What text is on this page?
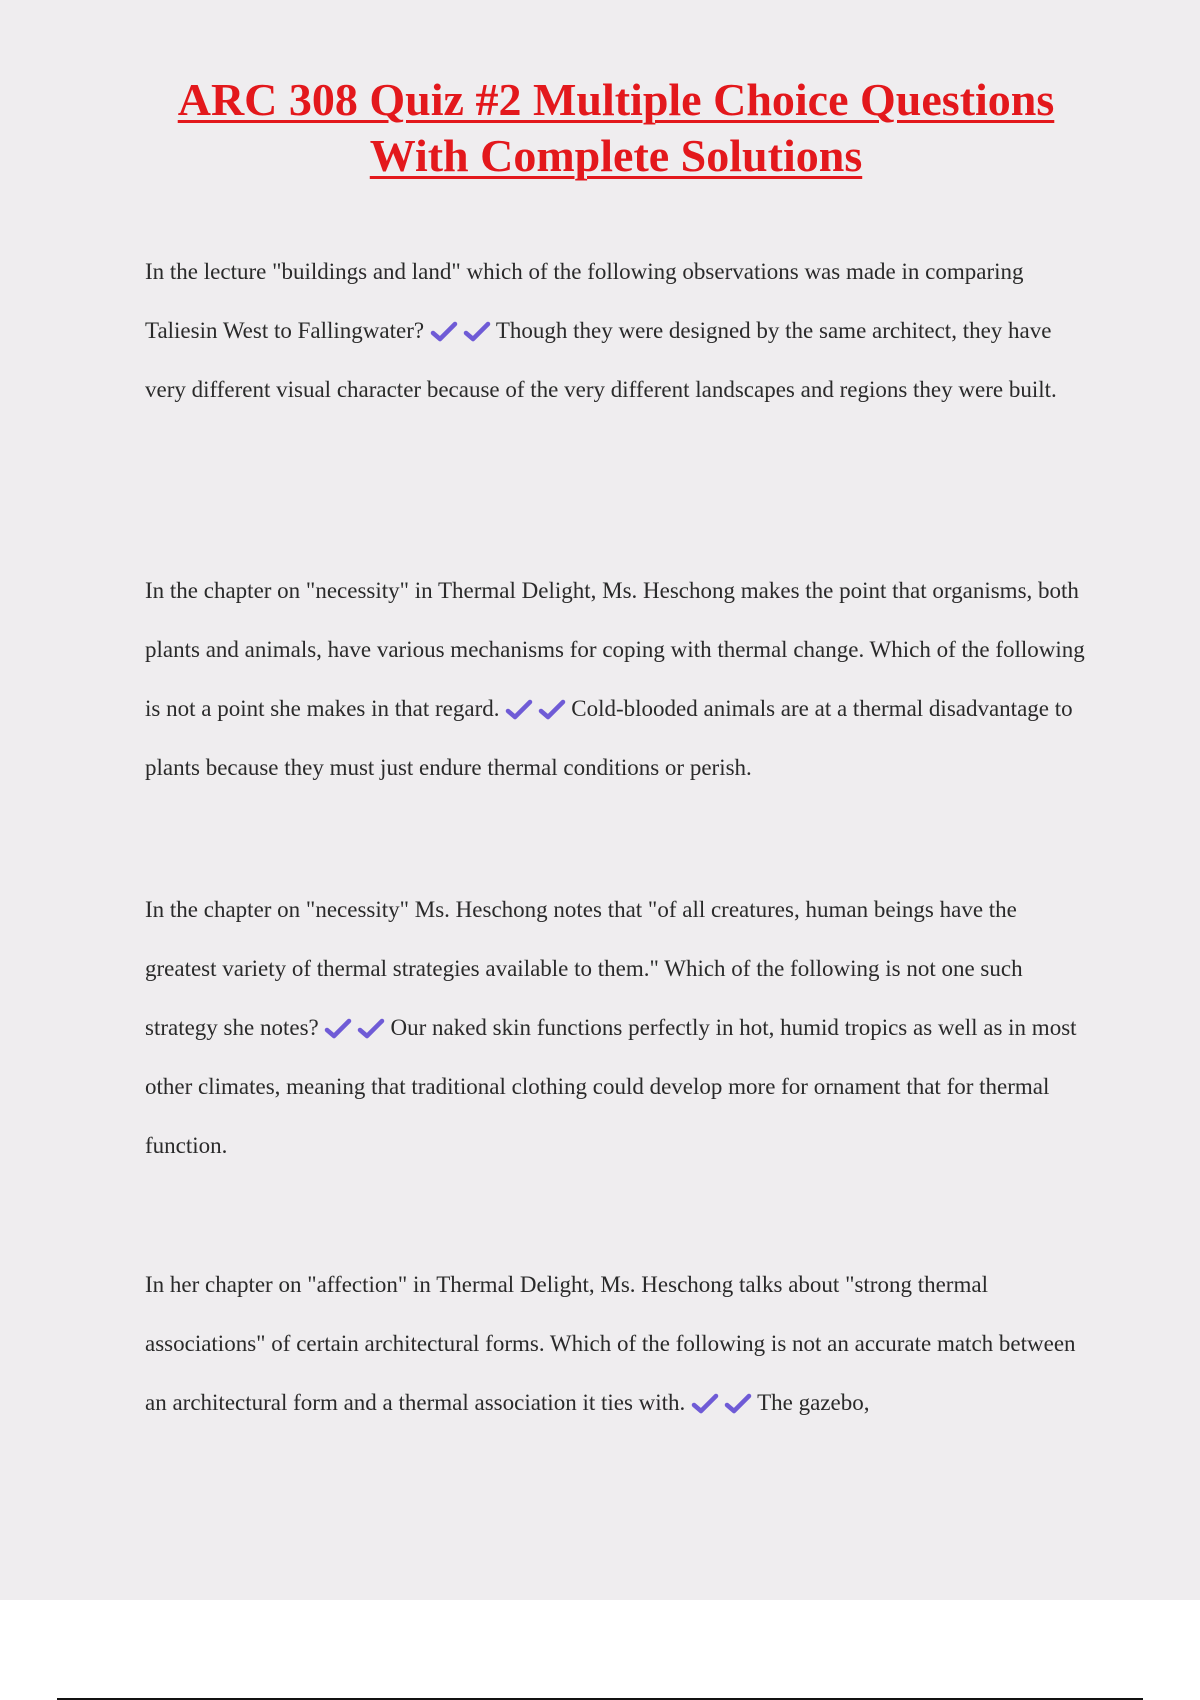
ARC 308 Quiz #2 Multiple Choice Questions
With Complete Solutions

In the lecture "buildings and land" which of the following observations was made in comparing Taliesin West to Fallingwater?	Though they were designed by the same architect, they have very different visual character because of the very different landscapes and regions they were built.

In the chapter on "necessity" in Thermal Delight, Ms. Heschong makes the point that organisms, both plants and animals, have various mechanisms for coping with thermal change. Which of the following is not a point she makes in that regard.	Cold-blooded animals are at a thermal disadvantage to plants because they must just endure thermal conditions or perish.

In the chapter on "necessity" Ms. Heschong notes that "of all creatures, human beings have the greatest variety of thermal strategies available to them." Which of the following is not one such strategy she notes?	Our naked skin functions perfectly in hot, humid tropics as well as in most other climates, meaning that traditional clothing could develop more for ornament that for thermal function.

In her chapter on "affection" in Thermal Delight, Ms. Heschong talks about "strong thermal associations" of certain architectural forms. Which of the following is not an accurate match between an architectural form and a thermal association it ties with.	The gazebo,
